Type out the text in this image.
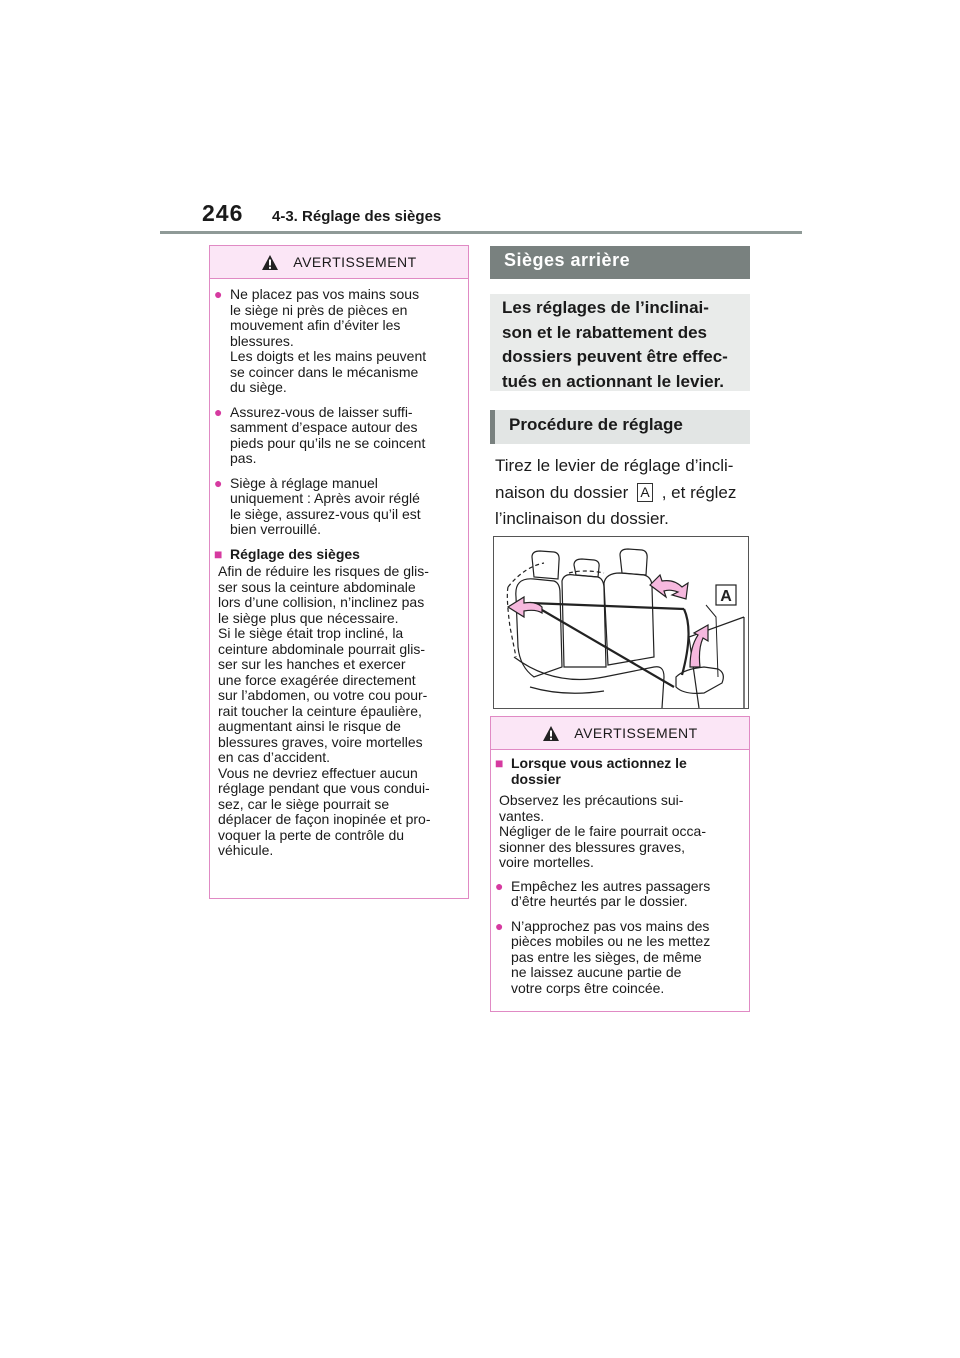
246 4-3. Réglage des sièges
AVERTISSEMENT
● Ne placez pas vos mains sous
le siège ni près de pièces en
mouvement afin d’éviter les
blessures.
Les doigts et les mains peuvent
se coincer dans le mécanisme
du siège.
● Assurez-vous de laisser suffi-
samment d’espace autour des
pieds pour qu’ils ne se coincent
pas.
● Siège à réglage manuel
uniquement : Après avoir réglé
le siège, assurez-vous qu’il est
bien verrouillé.
■ Réglage des sièges
Afin de réduire les risques de glis-
ser sous la ceinture abdominale
lors d’une collision, n’inclinez pas
le siège plus que nécessaire.
Si le siège était trop incliné, la
ceinture abdominale pourrait glis-
ser sur les hanches et exercer
une force exagérée directement
sur l’abdomen, ou votre cou pour-
rait toucher la ceinture épaulière,
augmentant ainsi le risque de
blessures graves, voire mortelles
en cas d’accident.
Vous ne devriez effectuer aucun
réglage pendant que vous condui-
sez, car le siège pourrait se
déplacer de façon inopinée et pro-
voquer la perte de contrôle du
véhicule.
Sièges arrière
Les réglages de l’inclinai-
son et le rabattement des
dossiers peuvent être effec-
tués en actionnant le levier.
Procédure de réglage
Tirez le levier de réglage d’incli-
naison du dossier A , et réglez
l’inclinaison du dossier.
A
AVERTISSEMENT
■ Lorsque vous actionnez le
dossier
Observez les précautions sui-
vantes.
Négliger de le faire pourrait occa-
sionner des blessures graves,
voire mortelles.
● Empêchez les autres passagers
d’être heurtés par le dossier.
● N’approchez pas vos mains des
pièces mobiles ou ne les mettez
pas entre les sièges, de même
ne laissez aucune partie de
votre corps être coincée.
